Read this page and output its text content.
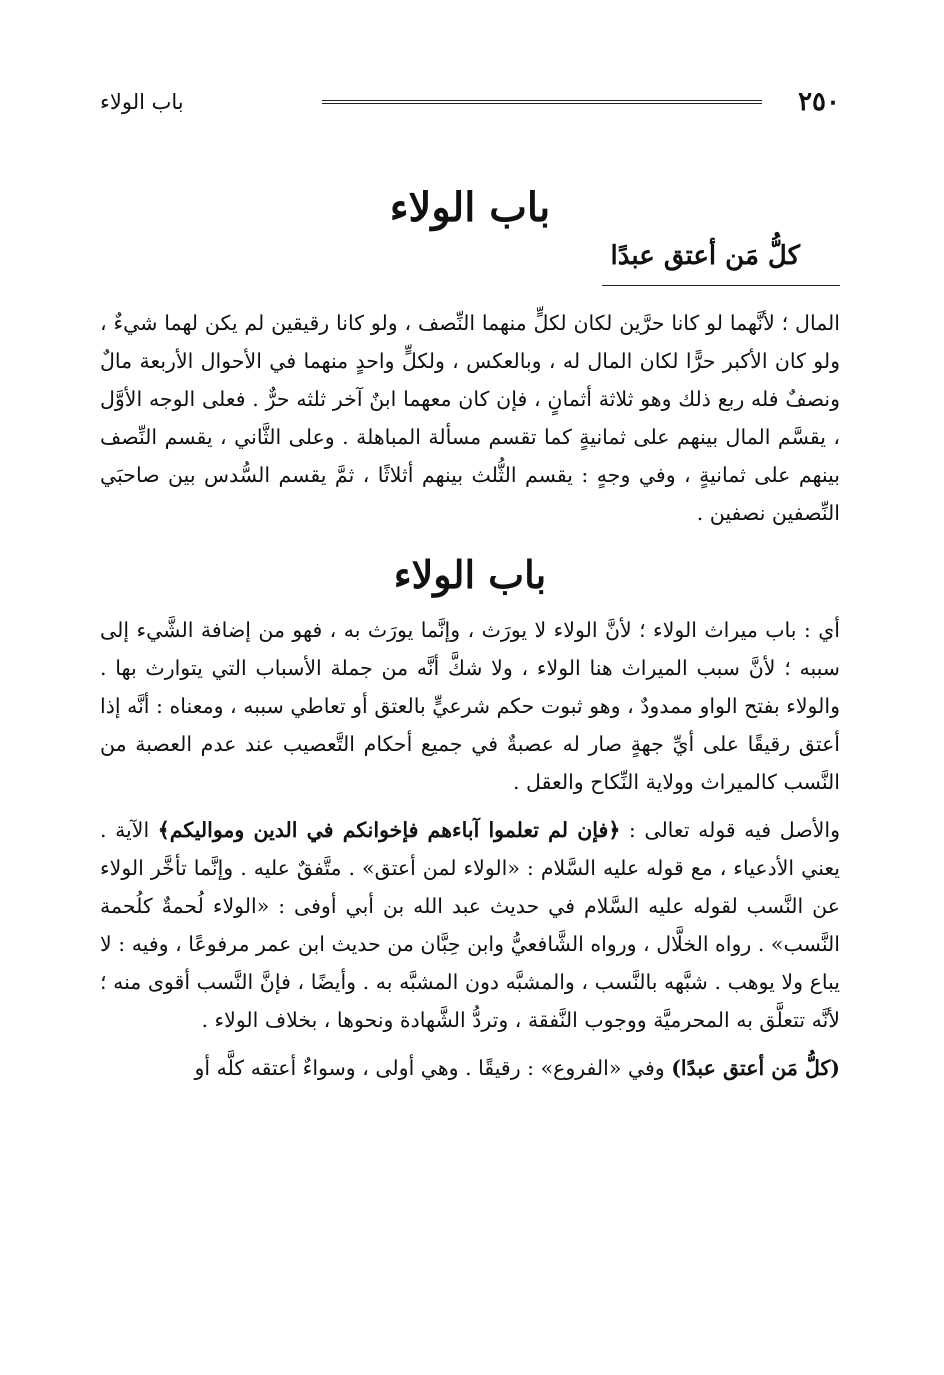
٢٥٠
باب الولاء
باب الولاء
كلُّ مَن أعتق عبدًا

المال ؛ لأنَّهما لو كانا حرَّين لكان لكلٍّ منهما النِّصف ، ولو كانا رقيقين لم يكن لهما شيءٌ ، ولو كان الأكبر حرًّا لكان المال له ، وبالعكس ، ولكلٍّ واحدٍ منهما في الأحوال الأربعة مالٌ ونصفٌ فله ربع ذلك وهو ثلاثة أثمانٍ ، فإن كان معهما ابنٌ آخر ثلثه حرٌّ . فعلى الوجه الأوَّل ، يقسَّم المال بينهم على ثمانيةٍ كما تقسم مسألة المباهلة . وعلى الثَّاني ، يقسم النِّصف بينهم على ثمانيةٍ ، وفي وجهٍ : يقسم الثُّلث بينهم أثلاثًا ، ثمَّ يقسم السُّدس بين صاحبَي النِّصفين نصفين .

باب الولاء

أي : باب ميراث الولاء ؛ لأنَّ الولاء لا يورَث ، وإنَّما يورَث به ، فهو من إضافة الشَّيء إلى سببه ؛ لأنَّ سبب الميراث هنا الولاء ، ولا شكَّ أنَّه من جملة الأسباب التي يتوارث بها . والولاء بفتح الواو ممدودٌ ، وهو ثبوت حكم شرعيٍّ بالعتق أو تعاطي سببه ، ومعناه : أنَّه إذا أعتق رقيقًا على أيِّ جهةٍ صار له عصبةٌ في جميع أحكام التَّعصيب عند عدم العصبة من النَّسب كالميراث وولاية النِّكاح والعقل .

والأصل فيه قوله تعالى : ﴿فإن لم تعلموا آباءهم فإخوانكم في الدين ومواليكم﴾ الآية . يعني الأدعياء ، مع قوله عليه السَّلام : «الولاء لمن أعتق» . متَّفقٌ عليه . وإنَّما تأخَّر الولاء عن النَّسب لقوله عليه السَّلام في حديث عبد الله بن أبي أوفى : «الولاء لُحمةٌ كلُحمة النَّسب» . رواه الخلَّال ، ورواه الشَّافعيُّ وابن حِبَّان من حديث ابن عمر مرفوعًا ، وفيه : لا يباع ولا يوهب . شبَّهه بالنَّسب ، والمشبَّه دون المشبَّه به . وأيضًا ، فإنَّ النَّسب أقوى منه ؛ لأنَّه تتعلَّق به المحرميَّة ووجوب النَّفقة ، وتردُّ الشَّهادة ونحوها ، بخلاف الولاء .

(كلُّ مَن أعتق عبدًا) وفي «الفروع» : رقيقًا . وهي أولى ، وسواءٌ أعتقه كلَّه أو
